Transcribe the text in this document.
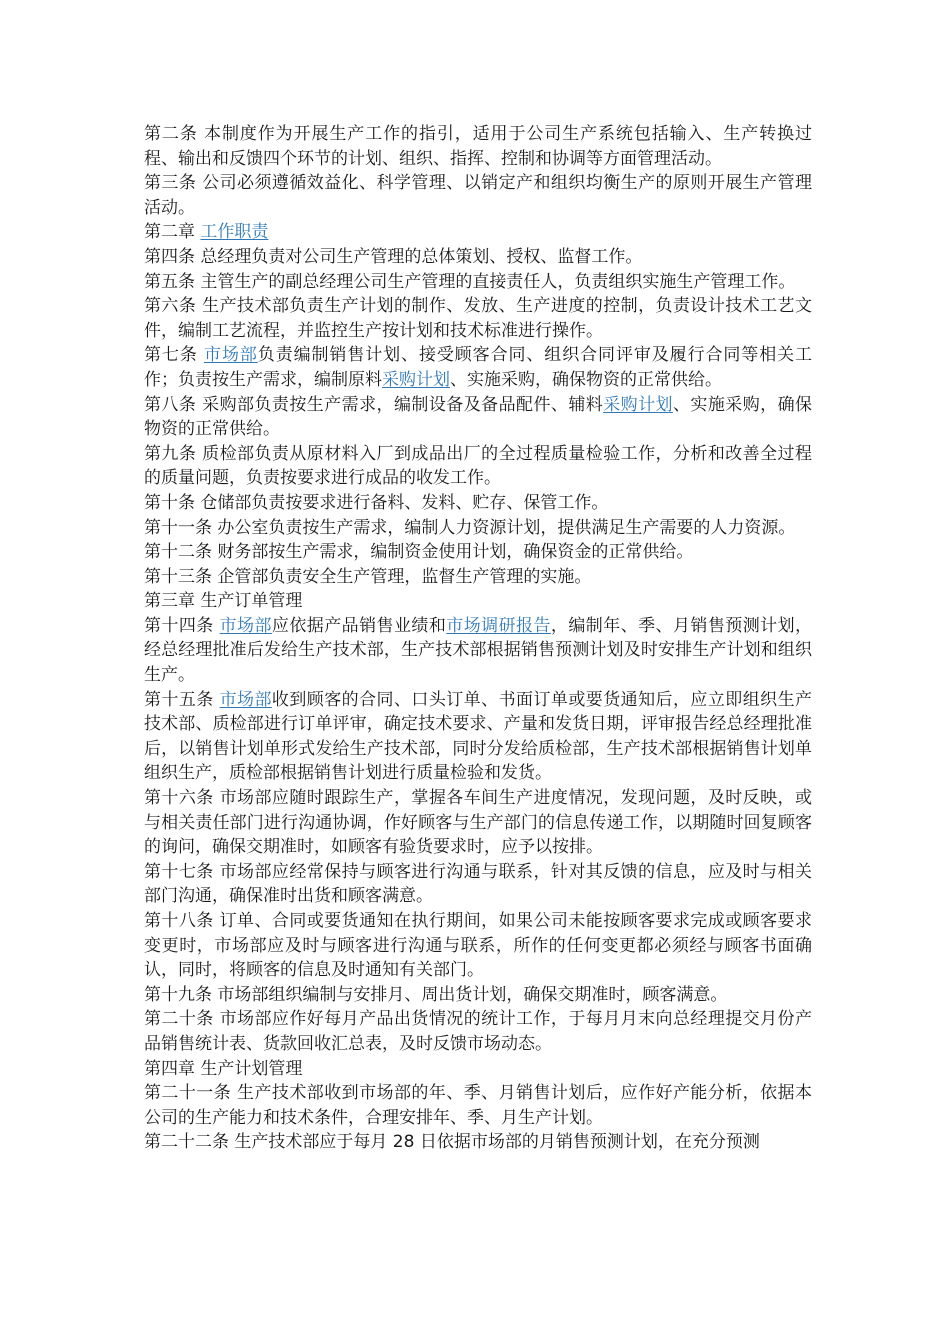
第二条 本制度作为开展生产工作的指引，适用于公司生产系统包括输入、生产转换过程、输出和反馈四个环节的计划、组织、指挥、控制和协调等方面管理活动。
第三条 公司必须遵循效益化、科学管理、以销定产和组织均衡生产的原则开展生产管理活动。
第二章 工作职责
第四条 总经理负责对公司生产管理的总体策划、授权、监督工作。
第五条 主管生产的副总经理公司生产管理的直接责任人，负责组织实施生产管理工作。
第六条 生产技术部负责生产计划的制作、发放、生产进度的控制，负责设计技术工艺文件，编制工艺流程，并监控生产按计划和技术标准进行操作。
第七条 市场部负责编制销售计划、接受顾客合同、组织合同评审及履行合同等相关工作；负责按生产需求，编制原料采购计划、实施采购，确保物资的正常供给。
第八条 采购部负责按生产需求，编制设备及备品配件、辅料采购计划、实施采购，确保物资的正常供给。
第九条 质检部负责从原材料入厂到成品出厂的全过程质量检验工作，分析和改善全过程的质量问题，负责按要求进行成品的收发工作。
第十条 仓储部负责按要求进行备料、发料、贮存、保管工作。
第十一条 办公室负责按生产需求，编制人力资源计划，提供满足生产需要的人力资源。
第十二条 财务部按生产需求，编制资金使用计划，确保资金的正常供给。
第十三条 企管部负责安全生产管理，监督生产管理的实施。
第三章 生产订单管理
第十四条 市场部应依据产品销售业绩和市场调研报告，编制年、季、月销售预测计划，经总经理批准后发给生产技术部，生产技术部根据销售预测计划及时安排生产计划和组织生产。
第十五条 市场部收到顾客的合同、口头订单、书面订单或要货通知后，应立即组织生产技术部、质检部进行订单评审，确定技术要求、产量和发货日期，评审报告经总经理批准后，以销售计划单形式发给生产技术部，同时分发给质检部，生产技术部根据销售计划单组织生产，质检部根据销售计划进行质量检验和发货。
第十六条 市场部应随时跟踪生产，掌握各车间生产进度情况，发现问题，及时反映，或与相关责任部门进行沟通协调，作好顾客与生产部门的信息传递工作，以期随时回复顾客的询问，确保交期准时，如顾客有验货要求时，应予以按排。
第十七条 市场部应经常保持与顾客进行沟通与联系，针对其反馈的信息，应及时与相关部门沟通，确保准时出货和顾客满意。
第十八条 订单、合同或要货通知在执行期间，如果公司未能按顾客要求完成或顾客要求变更时，市场部应及时与顾客进行沟通与联系，所作的任何变更都必须经与顾客书面确认，同时，将顾客的信息及时通知有关部门。
第十九条 市场部组织编制与安排月、周出货计划，确保交期准时，顾客满意。
第二十条 市场部应作好每月产品出货情况的统计工作，于每月月末向总经理提交月份产品销售统计表、货款回收汇总表，及时反馈市场动态。
第四章 生产计划管理
第二十一条 生产技术部收到市场部的年、季、月销售计划后，应作好产能分析，依据本公司的生产能力和技术条件，合理安排年、季、月生产计划。
第二十二条 生产技术部应于每月 28 日依据市场部的月销售预测计划，在充分预测
